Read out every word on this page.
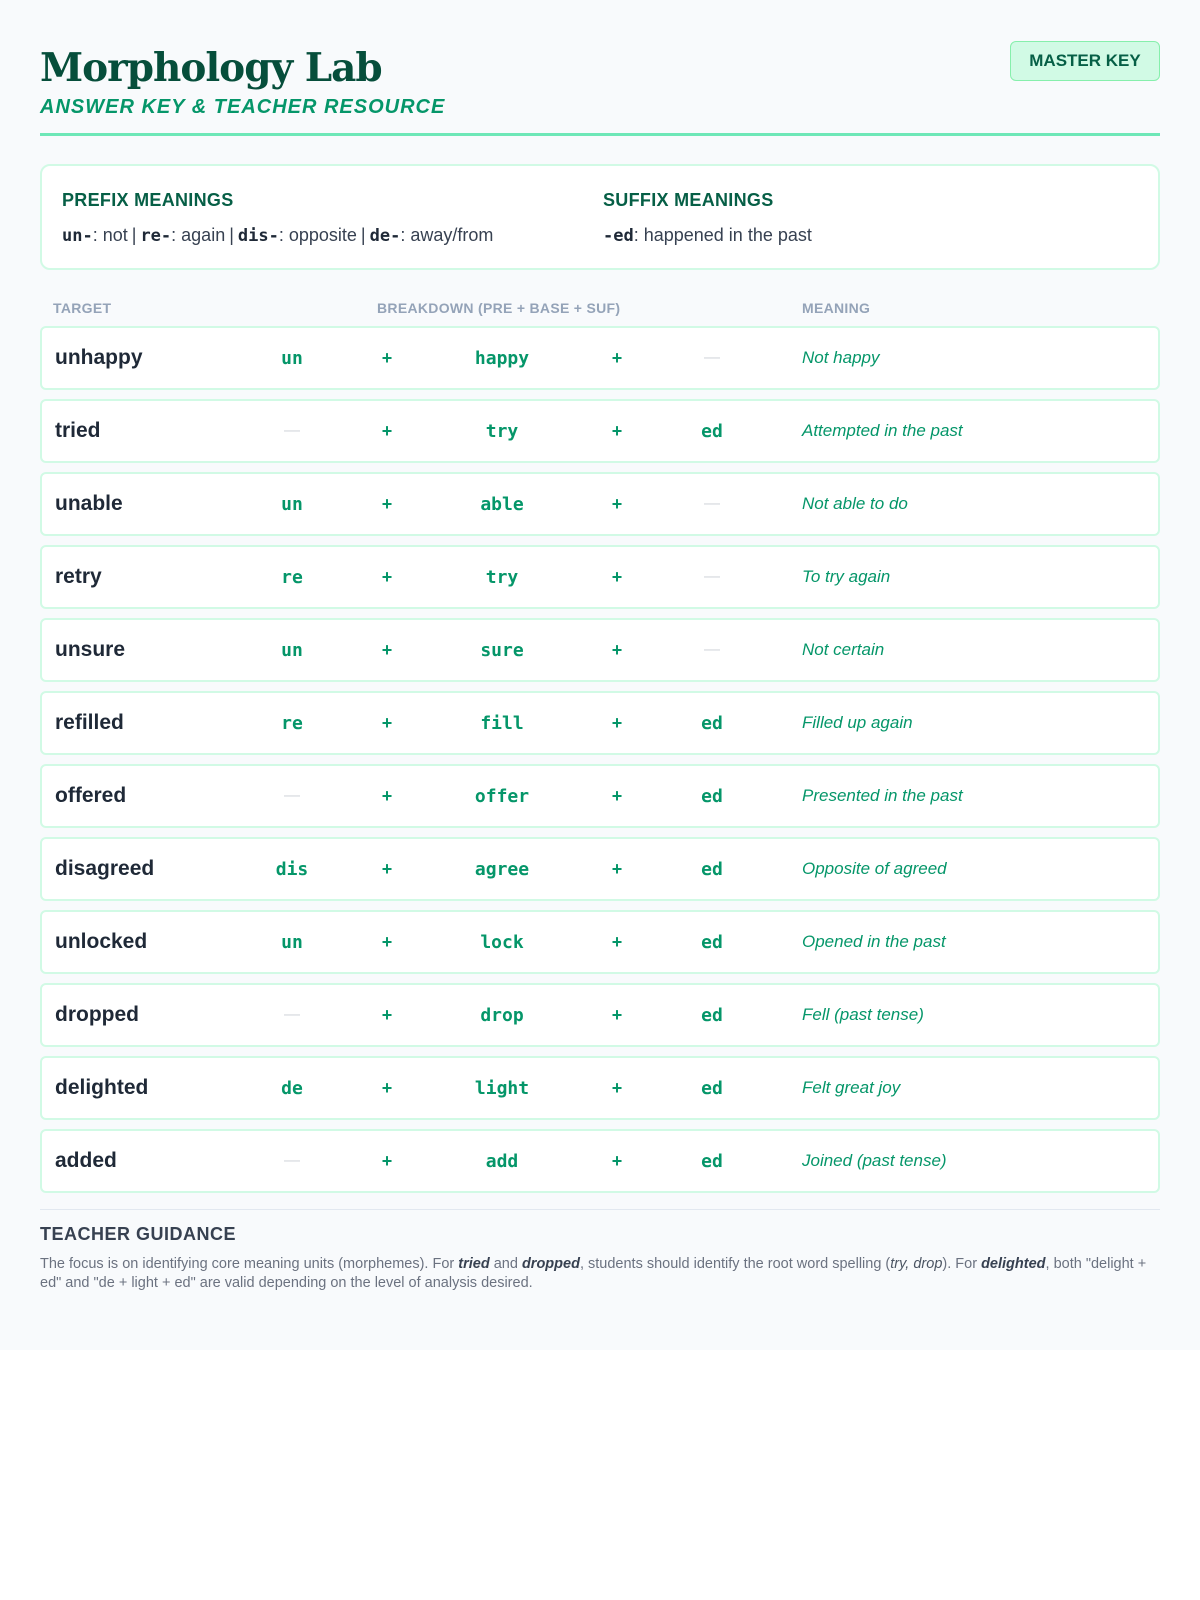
Morphology Lab
ANSWER KEY & TEACHER RESOURCE
MASTER KEY
PREFIX MEANINGS
un-: not | re-: again | dis-: opposite | de-: away/from
SUFFIX MEANINGS
-ed: happened in the past
TARGET	BREAKDOWN (PRE + BASE + SUF)	MEANING
unhappy	un	+	happy	+	—	Not happy
tried	—	+	try	+	ed	Attempted in the past
unable	un	+	able	+	—	Not able to do
retry	re	+	try	+	—	To try again
unsure	un	+	sure	+	—	Not certain
refilled	re	+	fill	+	ed	Filled up again
offered	—	+	offer	+	ed	Presented in the past
disagreed	dis	+	agree	+	ed	Opposite of agreed
unlocked	un	+	lock	+	ed	Opened in the past
dropped	—	+	drop	+	ed	Fell (past tense)
delighted	de	+	light	+	ed	Felt great joy
added	—	+	add	+	ed	Joined (past tense)
TEACHER GUIDANCE
The focus is on identifying core meaning units (morphemes). For tried and dropped, students should identify the root word spelling (try, drop). For delighted, both "delight + ed" and "de + light + ed" are valid depending on the level of analysis desired.
